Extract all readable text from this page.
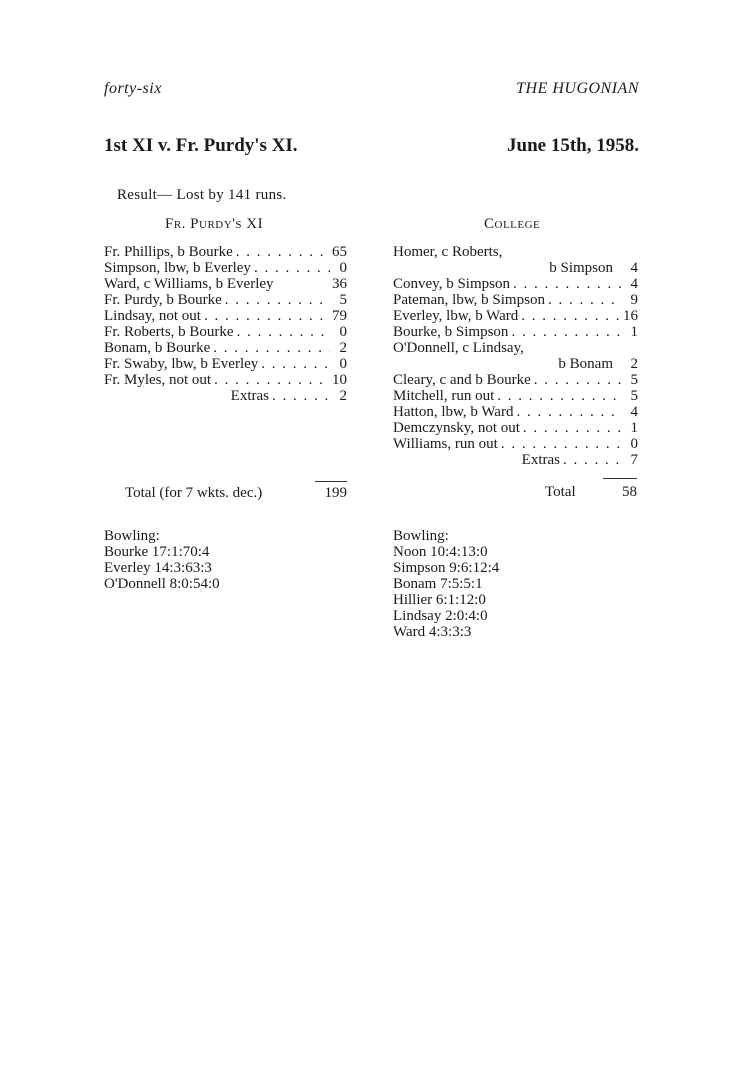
forty-six	THE HUGONIAN
1st XI v. Fr. Purdy's XI.	June 15th, 1958.
Result— Lost by 141 runs.
Fr. Purdy's XI	College
Fr. Phillips, b Bourke . . .	65
Simpson, lbw, b Everley . . .	0
Ward, c Williams, b Everley	36
Fr. Purdy, b Bourke . . .	5
Lindsay, not out . . .	79
Fr. Roberts, b Bourke . . .	0
Bonam, b Bourke . . .	2
Fr. Swaby, lbw, b Everley . . .	0
Fr. Myles, not out . . .	10
Extras . . .	2
Homer, c Roberts,
b Simpson	4
Convey, b Simpson . . .	4
Pateman, lbw, b Simpson . . .	9
Everley, lbw, b Ward . . .	16
Bourke, b Simpson . . .	1
O'Donnell, c Lindsay,
b Bonam	2
Cleary, c and b Bourke . . .	5
Mitchell, run out . . .	5
Hatton, lbw, b Ward . . .	4
Demczynsky, not out . . .	1
Williams, run out . . .	0
Extras . . .	7
Total (for 7 wkts. dec.)	199	Total	58
Bowling:
Bourke 17:1:70:4
Everley 14:3:63:3
O'Donnell 8:0:54:0
Bowling:
Noon 10:4:13:0
Simpson 9:6:12:4
Bonam 7:5:5:1
Hillier 6:1:12:0
Lindsay 2:0:4:0
Ward 4:3:3:3
